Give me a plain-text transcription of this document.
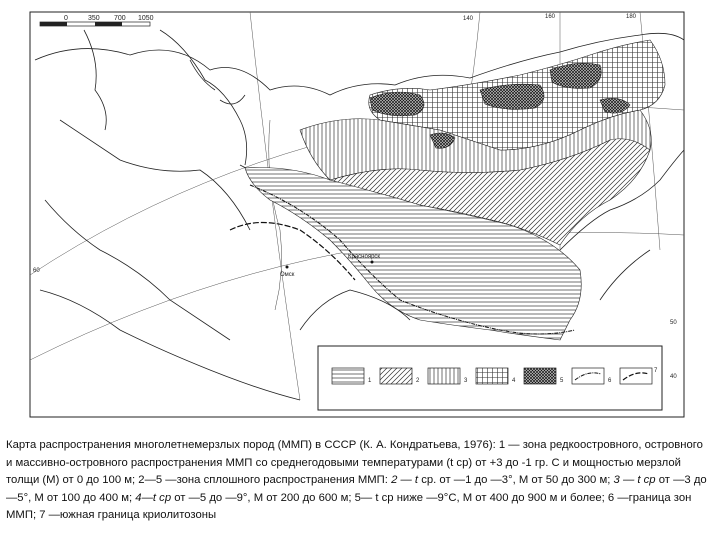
0	350 700 1050	140	160	180
60
50
40
Красноярск
Омск
1	2	3	4	5	6
7

Карта распространения многолетнемерзлых пород (ММП) в СССР (К. А. Кондратьева, 1976): 1 — зона редкоостровного, островного и массивно-островного распространения ММП со среднегодовыми температурами (t ср) от +3 до -1 гр. С и мощностью мерзлой толщи (М) от 0 до 100 м; 2—5 —зона сплошного распространения ММП: 2 — t ср. от —1 до —3°, М от 50 до 300 м; 3 — t ср от —3 до —5°, М от 100 до 400 м; 4—t ср от —5 до —9°, М от 200 до 600 м; 5— t ср ниже —9°С, М от 400 до 900 м и более; 6 —граница зон ММП; 7 —южная граница криолитозоны
